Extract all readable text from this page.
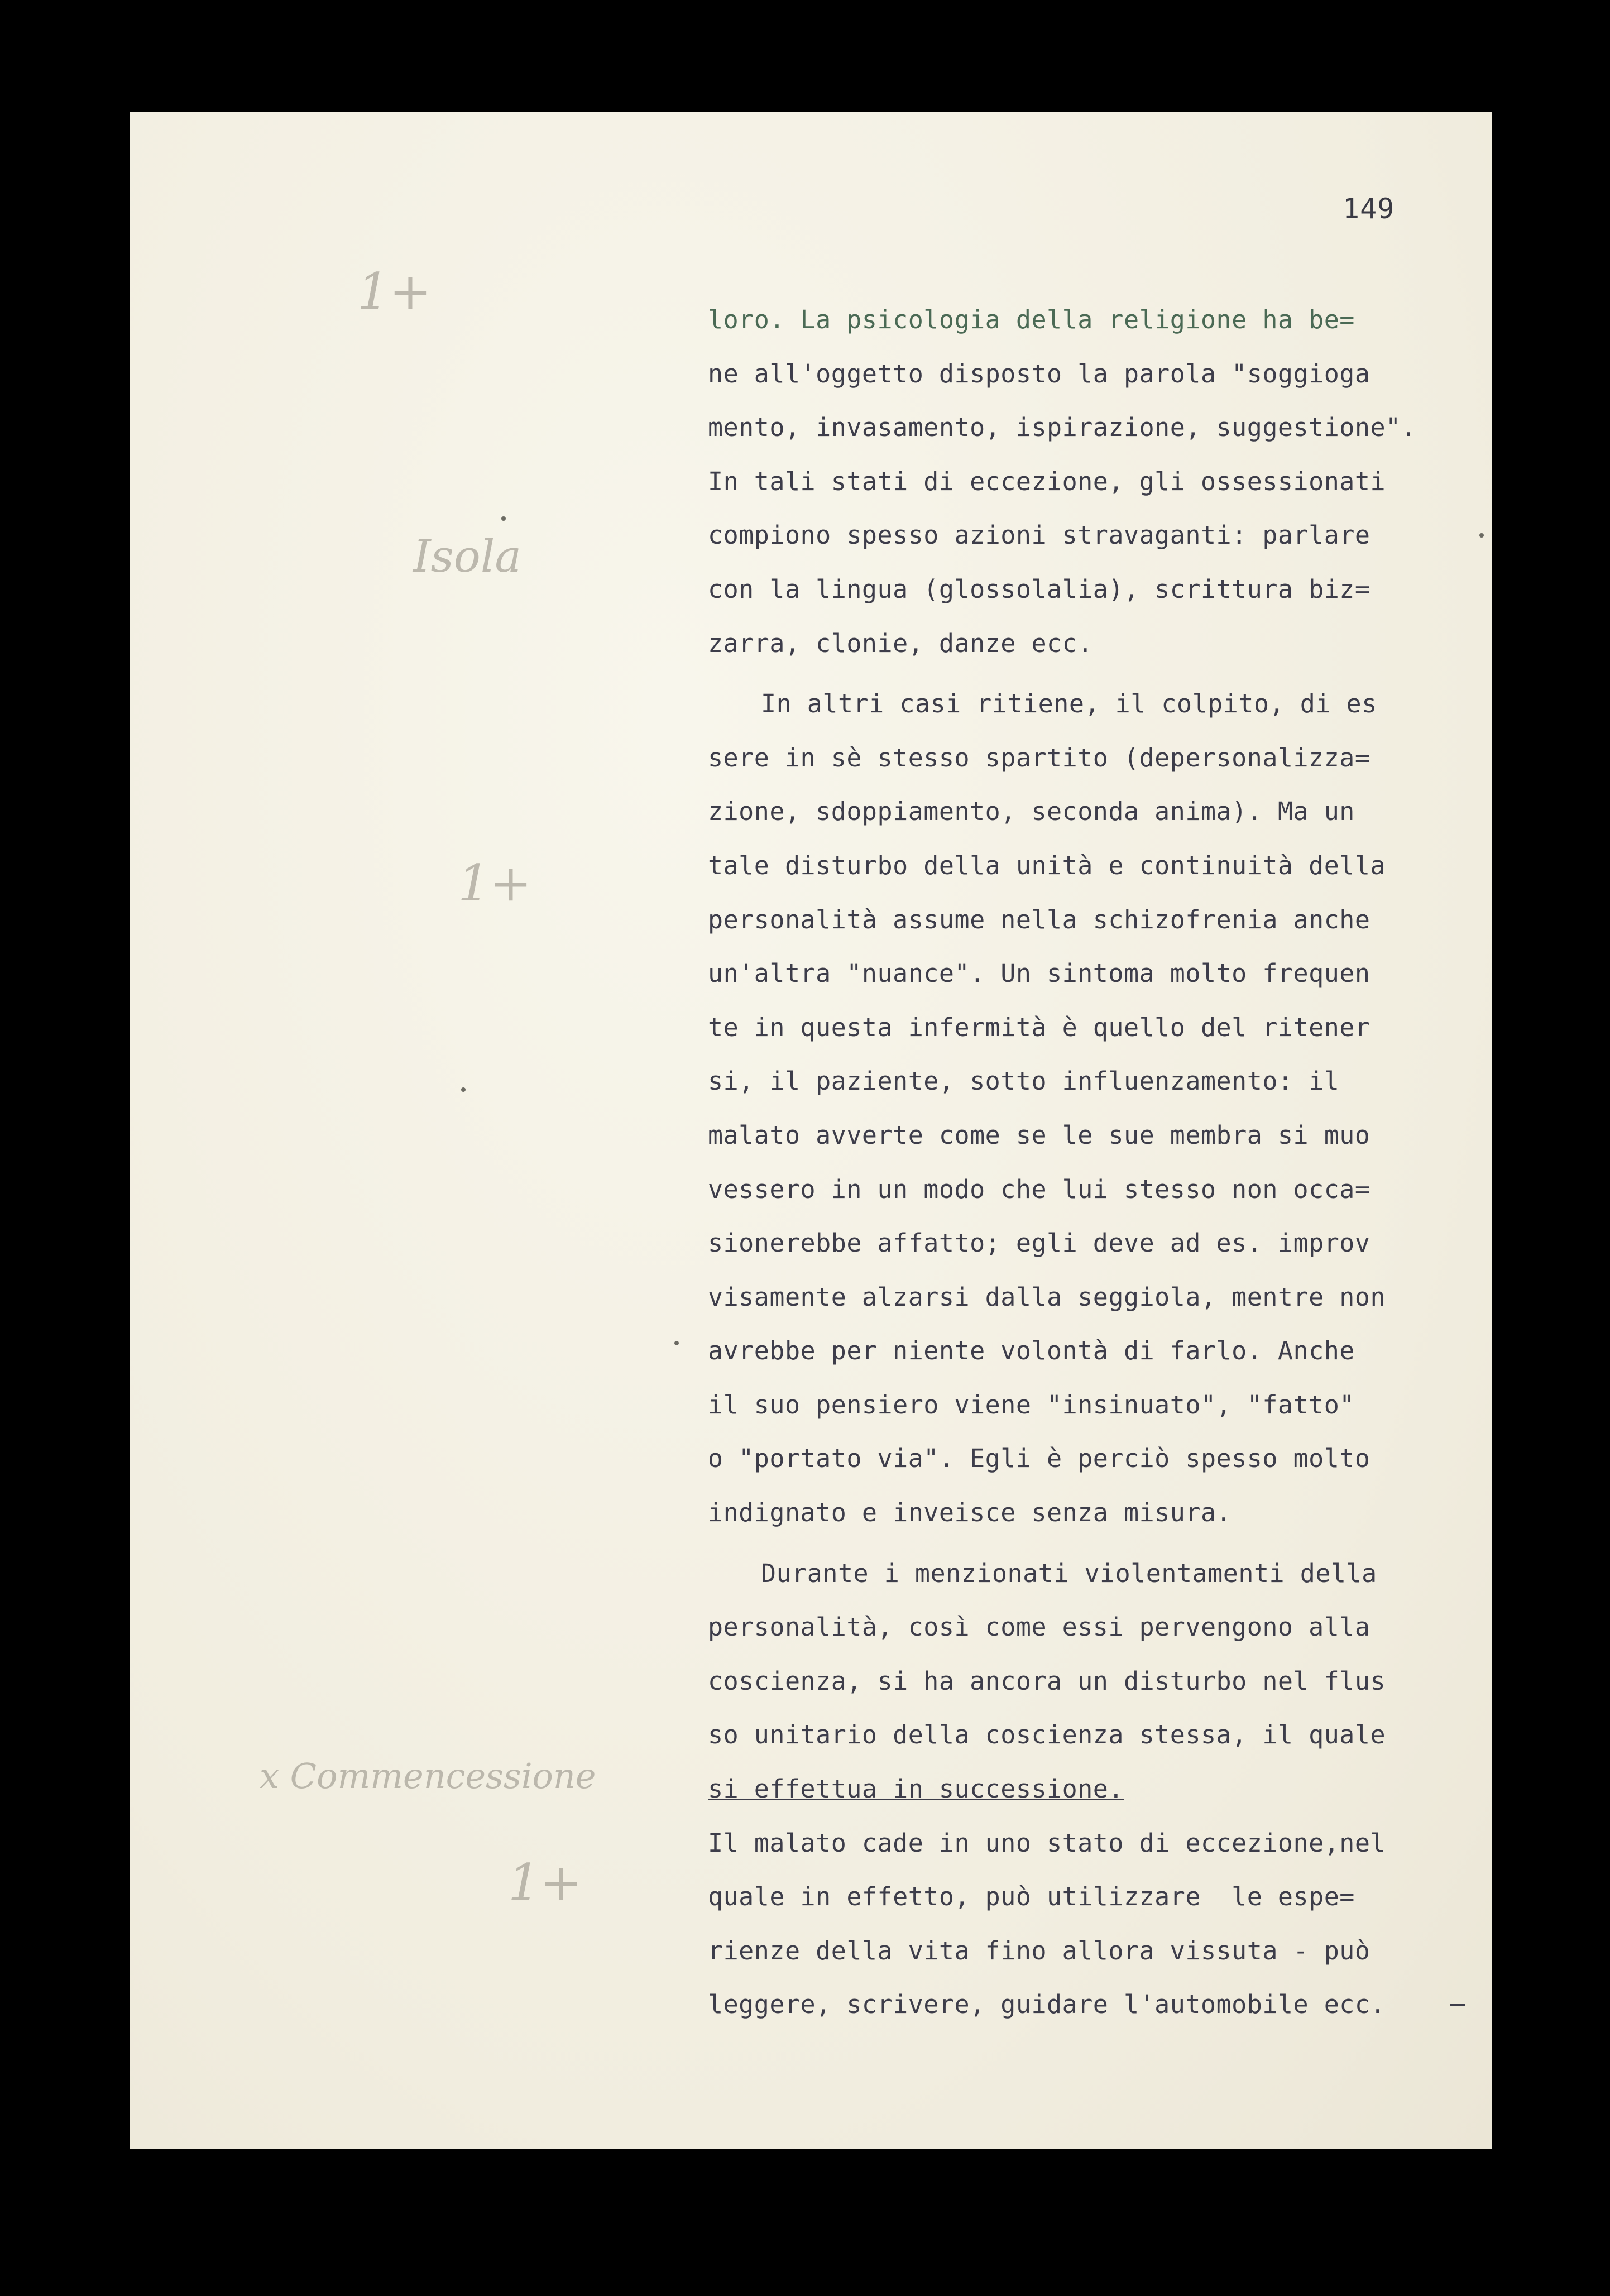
149
1+
Isola
1+
x Commencessione
1+
loro. La psicologia della religione ha be=
ne all'oggetto disposto la parola "soggioga
mento, invasamento, ispirazione, suggestione".
In tali stati di eccezione, gli ossessionati
compiono spesso azioni stravaganti: parlare
con la lingua (glossolalia), scrittura biz=
zarra, clonie, danze ecc.
In altri casi ritiene, il colpito, di es
sere in sè stesso spartito (depersonalizza=
zione, sdoppiamento, seconda anima). Ma un
tale disturbo della unità e continuità della
personalità assume nella schizofrenia anche
un'altra "nuance". Un sintoma molto frequen
te in questa infermità è quello del ritener
si, il paziente, sotto influenzamento: il
malato avverte come se le sue membra si muo
vessero in un modo che lui stesso non occa=
sionerebbe affatto; egli deve ad es. improv
visamente alzarsi dalla seggiola, mentre non
avrebbe per niente volontà di farlo. Anche
il suo pensiero viene "insinuato", "fatto"
o "portato via". Egli è perciò spesso molto
indignato e inveisce senza misura.
Durante i menzionati violentamenti della
personalità, così come essi pervengono alla
coscienza, si ha ancora un disturbo nel flus
so unitario della coscienza stessa, il quale
si effettua in successione.
Il malato cade in uno stato di eccezione,nel
quale in effetto, può utilizzare  le espe=
rienze della vita fino allora vissuta - può
leggere, scrivere, guidare l'automobile ecc.
